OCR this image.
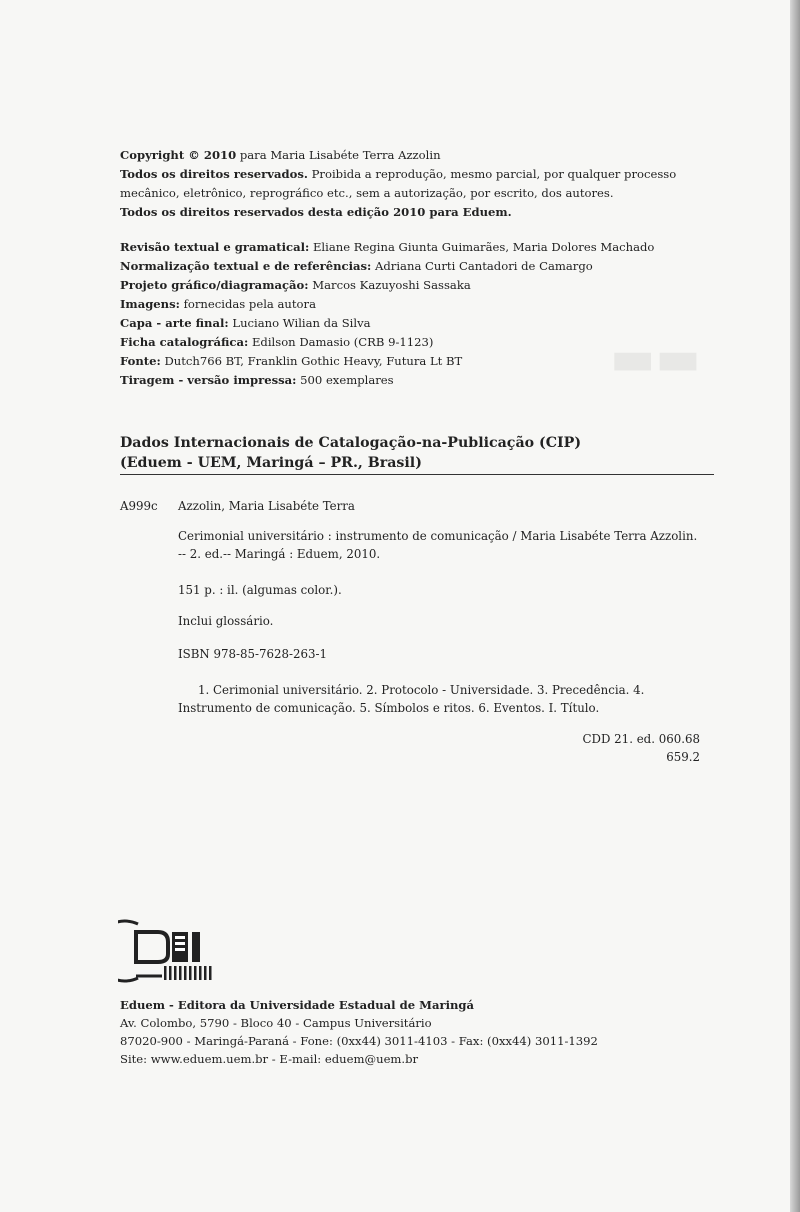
▬▬
Copyright © 2010 para Maria Lisabéte Terra Azzolin
Todos os direitos reservados. Proibida a reprodução, mesmo parcial, por qualquer processo mecânico, eletrônico, reprográfico etc., sem a autorização, por escrito, dos autores.
Todos os direitos reservados desta edição 2010 para Eduem.
Revisão textual e gramatical: Eliane Regina Giunta Guimarães, Maria Dolores Machado
Normalização textual e de referências: Adriana Curti Cantadori de Camargo
Projeto gráfico/diagramação: Marcos Kazuyoshi Sassaka
Imagens: fornecidas pela autora
Capa - arte final: Luciano Wilian da Silva
Ficha catalográfica: Edilson Damasio (CRB 9-1123)
Fonte: Dutch766 BT, Franklin Gothic Heavy, Futura Lt BT
Tiragem - versão impressa: 500 exemplares
Dados Internacionais de Catalogação-na-Publicação (CIP)
(Eduem - UEM, Maringá – PR., Brasil)
A999c Azzolin, Maria Lisabéte Terra
Cerimonial universitário : instrumento de comunicação / Maria Lisabéte Terra Azzolin.
-- 2. ed.-- Maringá : Eduem, 2010.
151 p. : il. (algumas color.).
Inclui glossário.
ISBN 978-85-7628-263-1
1. Cerimonial universitário. 2. Protocolo - Universidade. 3. Precedência. 4. Instrumento de comunicação. 5. Símbolos e ritos. 6. Eventos. I. Título.
CDD 21. ed. 060.68
659.2
Eduem - Editora da Universidade Estadual de Maringá
Av. Colombo, 5790 - Bloco 40 - Campus Universitário
87020-900 - Maringá-Paraná - Fone: (0xx44) 3011-4103 - Fax: (0xx44) 3011-1392
Site: www.eduem.uem.br - E-mail: eduem@uem.br
